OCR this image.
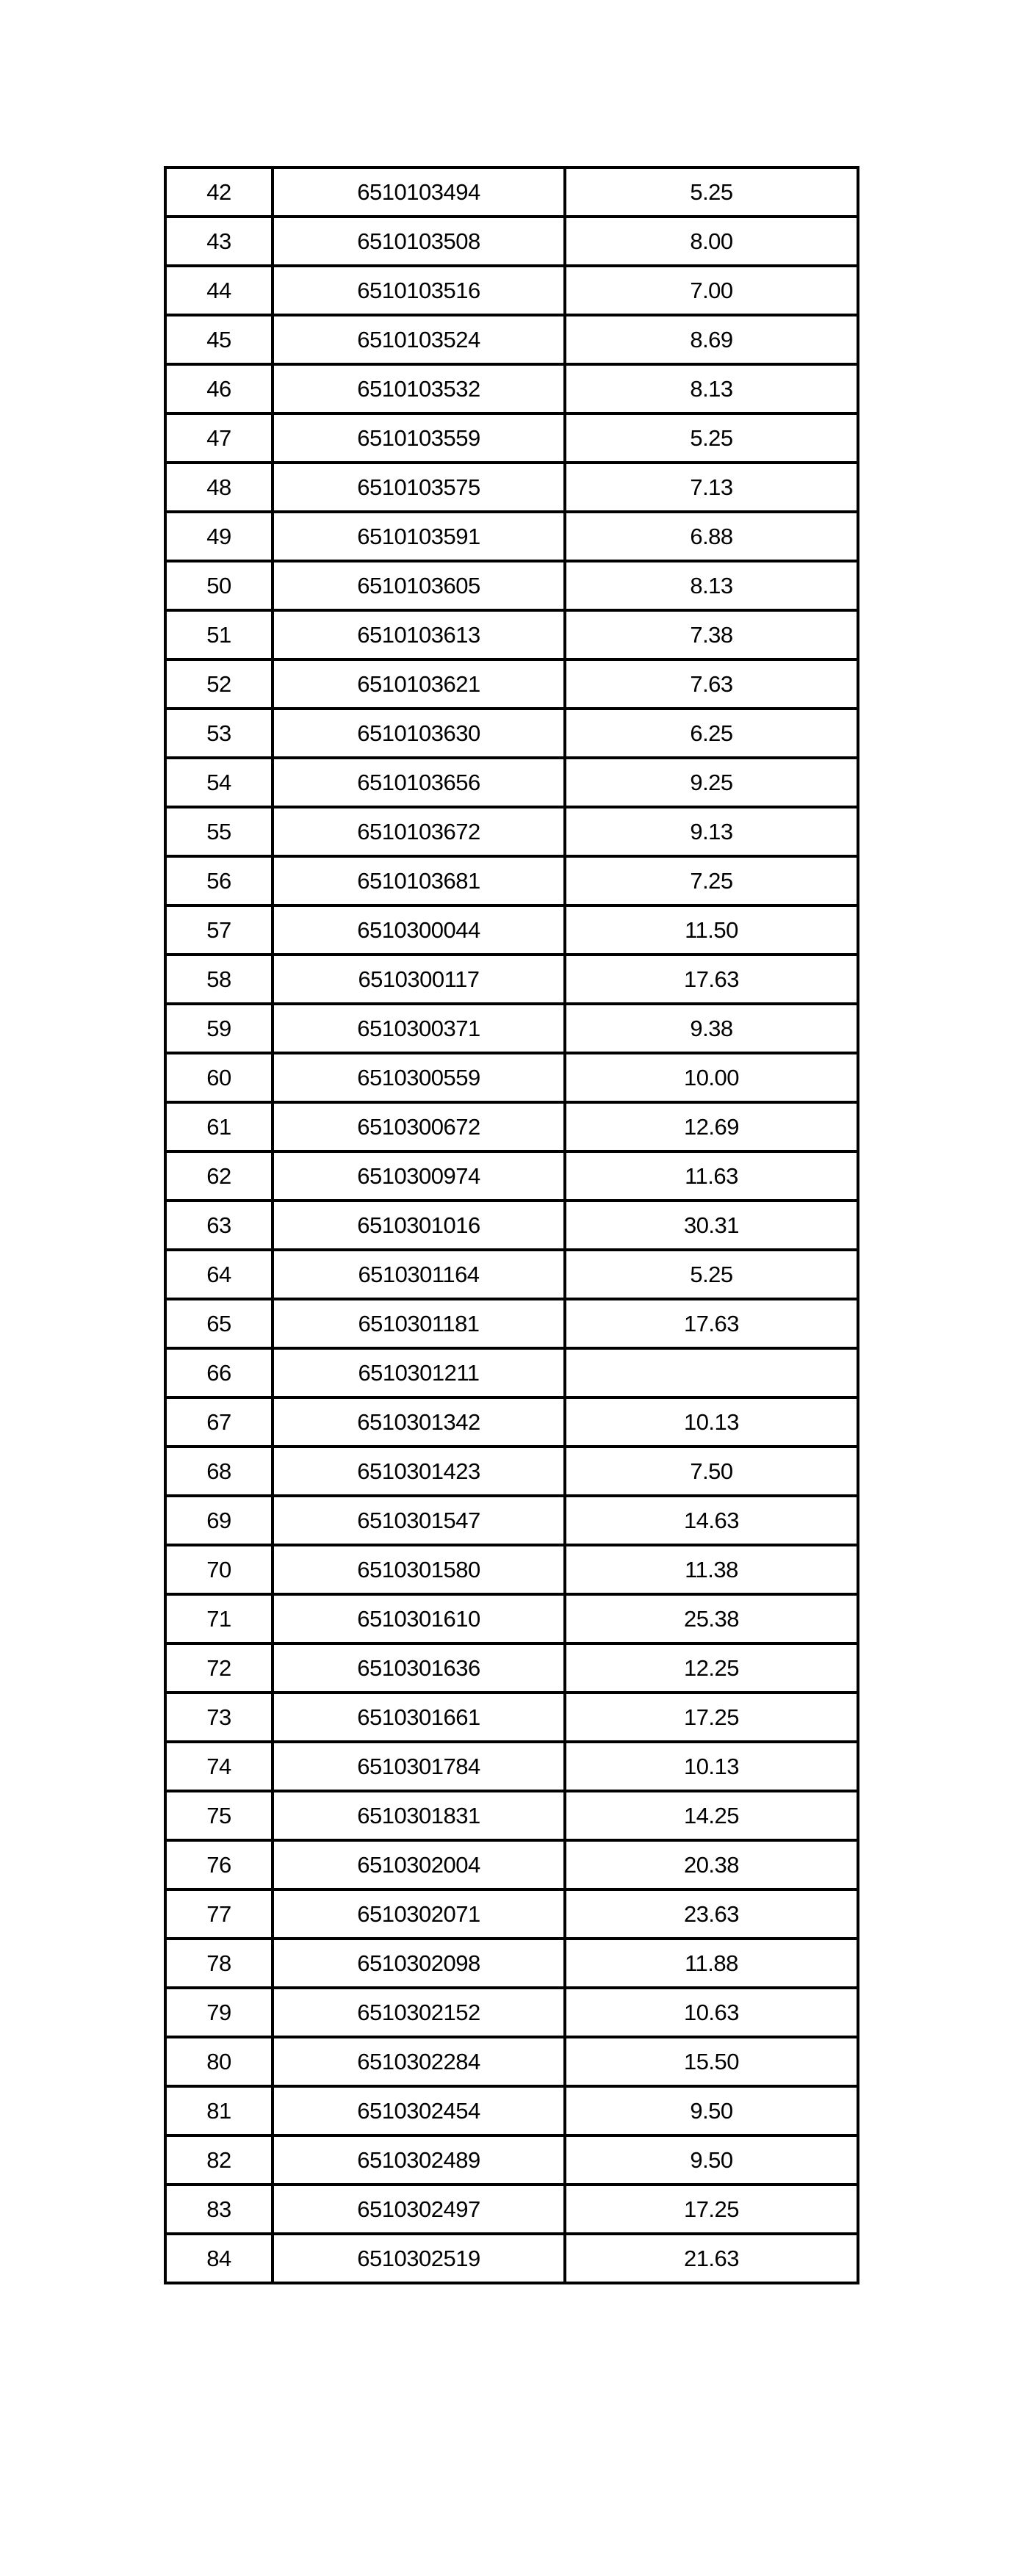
42	6510103494	5.25
43	6510103508	8.00
44	6510103516	7.00
45	6510103524	8.69
46	6510103532	8.13
47	6510103559	5.25
48	6510103575	7.13
49	6510103591	6.88
50	6510103605	8.13
51	6510103613	7.38
52	6510103621	7.63
53	6510103630	6.25
54	6510103656	9.25
55	6510103672	9.13
56	6510103681	7.25
57	6510300044	11.50
58	6510300117	17.63
59	6510300371	9.38
60	6510300559	10.00
61	6510300672	12.69
62	6510300974	11.63
63	6510301016	30.31
64	6510301164	5.25
65	6510301181	17.63
66	6510301211	
67	6510301342	10.13
68	6510301423	7.50
69	6510301547	14.63
70	6510301580	11.38
71	6510301610	25.38
72	6510301636	12.25
73	6510301661	17.25
74	6510301784	10.13
75	6510301831	14.25
76	6510302004	20.38
77	6510302071	23.63
78	6510302098	11.88
79	6510302152	10.63
80	6510302284	15.50
81	6510302454	9.50
82	6510302489	9.50
83	6510302497	17.25
84	6510302519	21.63
